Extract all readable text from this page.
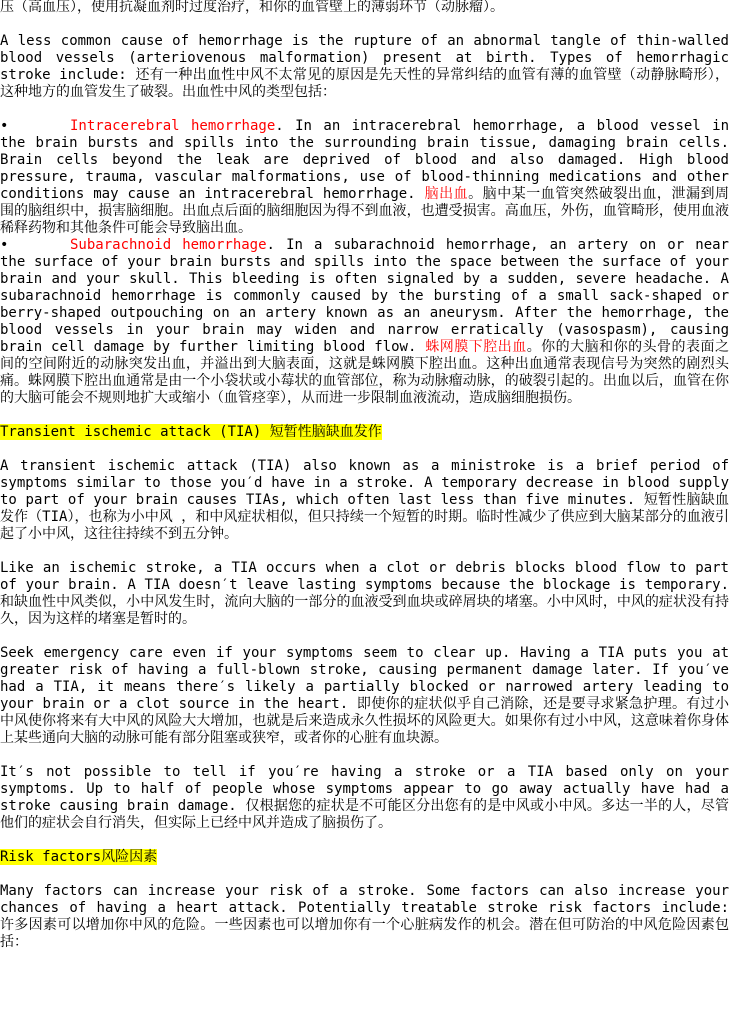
压（高血压），使用抗凝血剂时过度治疗，和你的血管壁上的薄弱环节（动脉瘤）。

A less common cause of hemorrhage is the rupture of an abnormal tangle of thin-walled blood vessels (arteriovenous malformation) present at birth. Types of hemorrhagic stroke include: 还有一种出血性中风不太常见的原因是先天性的异常纠结的血管有薄的血管壁（动静脉畸形），这种地方的血管发生了破裂。出血性中风的类型包括：

•	Intracerebral hemorrhage. In an intracerebral hemorrhage, a blood vessel in the brain bursts and spills into the surrounding brain tissue, damaging brain cells. Brain cells beyond the leak are deprived of blood and also damaged. High blood pressure, trauma, vascular malformations, use of blood-thinning medications and other conditions may cause an intracerebral hemorrhage. 脑出血。脑中某一血管突然破裂出血，泄漏到周围的脑组织中，损害脑细胞。出血点后面的脑细胞因为得不到血液，也遭受损害。高血压，外伤，血管畸形，使用血液稀释药物和其他条件可能会导致脑出血。

•	Subarachnoid hemorrhage. In a subarachnoid hemorrhage, an artery on or near the surface of your brain bursts and spills into the space between the surface of your brain and your skull. This bleeding is often signaled by a sudden, severe headache. A subarachnoid hemorrhage is commonly caused by the bursting of a small sack-shaped or berry-shaped outpouching on an artery known as an aneurysm. After the hemorrhage, the blood vessels in your brain may widen and narrow erratically (vasospasm), causing brain cell damage by further limiting blood flow. 蛛网膜下腔出血。你的大脑和你的头骨的表面之间的空间附近的动脉突发出血，并溢出到大脑表面，这就是蛛网膜下腔出血。这种出血通常表现信号为突然的剧烈头痛。蛛网膜下腔出血通常是由一个小袋状或小莓状的血管部位，称为动脉瘤动脉，的破裂引起的。出血以后，血管在你的大脑可能会不规则地扩大或缩小（血管痉挛），从而进一步限制血液流动，造成脑细胞损伤。

Transient ischemic attack (TIA) 短暂性脑缺血发作

A transient ischemic attack (TIA) also known as a ministroke is a brief period of symptoms similar to those you′d have in a stroke. A temporary decrease in blood supply to part of your brain causes TIAs, which often last less than five minutes. 短暂性脑缺血发作（TIA），也称为小中风 ，和中风症状相似，但只持续一个短暂的时期。临时性减少了供应到大脑某部分的血液引起了小中风，这往往持续不到五分钟。

Like an ischemic stroke, a TIA occurs when a clot or debris blocks blood flow to part of your brain. A TIA doesn′t leave lasting symptoms because the blockage is temporary. 和缺血性中风类似，小中风发生时，流向大脑的一部分的血液受到血块或碎屑块的堵塞。小中风时，中风的症状没有持久，因为这样的堵塞是暂时的。

Seek emergency care even if your symptoms seem to clear up. Having a TIA puts you at greater risk of having a full-blown stroke, causing permanent damage later. If you′ve had a TIA, it means there′s likely a partially blocked or narrowed artery leading to your brain or a clot source in the heart. 即使你的症状似乎自己消除，还是要寻求紧急护理。有过小中风使你将来有大中风的风险大大增加，也就是后来造成永久性损坏的风险更大。如果你有过小中风，这意味着你身体上某些通向大脑的动脉可能有部分阻塞或狭窄，或者你的心脏有血块源。

It′s not possible to tell if you′re having a stroke or a TIA based only on your symptoms. Up to half of people whose symptoms appear to go away actually have had a stroke causing brain damage. 仅根据您的症状是不可能区分出您有的是中风或小中风。多达一半的人，尽管他们的症状会自行消失，但实际上已经中风并造成了脑损伤了。

Risk factors风险因素

Many factors can increase your risk of a stroke. Some factors can also increase your chances of having a heart attack. Potentially treatable stroke risk factors include: 许多因素可以增加你中风的危险。一些因素也可以增加你有一个心脏病发作的机会。潜在但可防治的中风危险因素包括：
